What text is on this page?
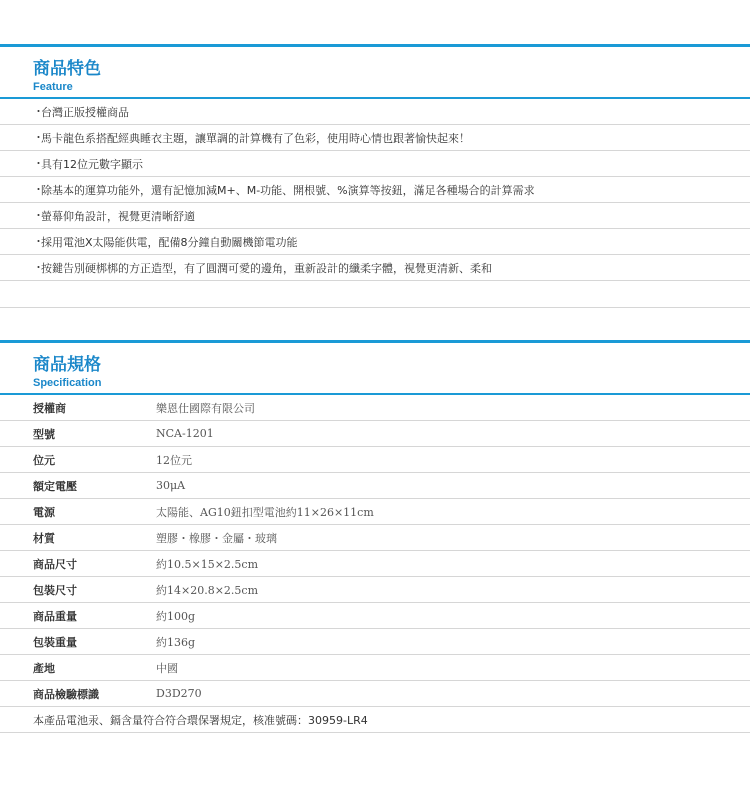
商品特色
Feature
・
台灣正版授權商品
・
馬卡龍色系搭配經典睡衣主題，讓單調的計算機有了色彩，使用時心情也跟著愉快起來！
・
具有12位元數字顯示
・
除基本的運算功能外，還有記憶加減M+、M-功能、開根號、%演算等按鈕，滿足各種場合的計算需求
・
螢幕仰角設計，視覺更清晰舒適
・
採用電池X太陽能供電，配備8分鐘自動關機節電功能
・
按鍵告別硬梆梆的方正造型，有了圓潤可愛的邊角，重新設計的纖柔字體，視覺更清新、柔和
商品規格
Specification
授權商	樂恩仕國際有限公司
型號	NCA-1201
位元	12位元
額定電壓	30μA
電源	太陽能、AG10鈕扣型電池約11×26×11cm
材質	塑膠・橡膠・金屬・玻璃
商品尺寸	約10.5×15×2.5cm
包裝尺寸	約14×20.8×2.5cm
商品重量	約100g
包裝重量	約136g
產地	中國
商品檢驗標識	D3D270
本產品電池汞、鎘含量符合符合環保署規定，核准號碼：30959-LR4
